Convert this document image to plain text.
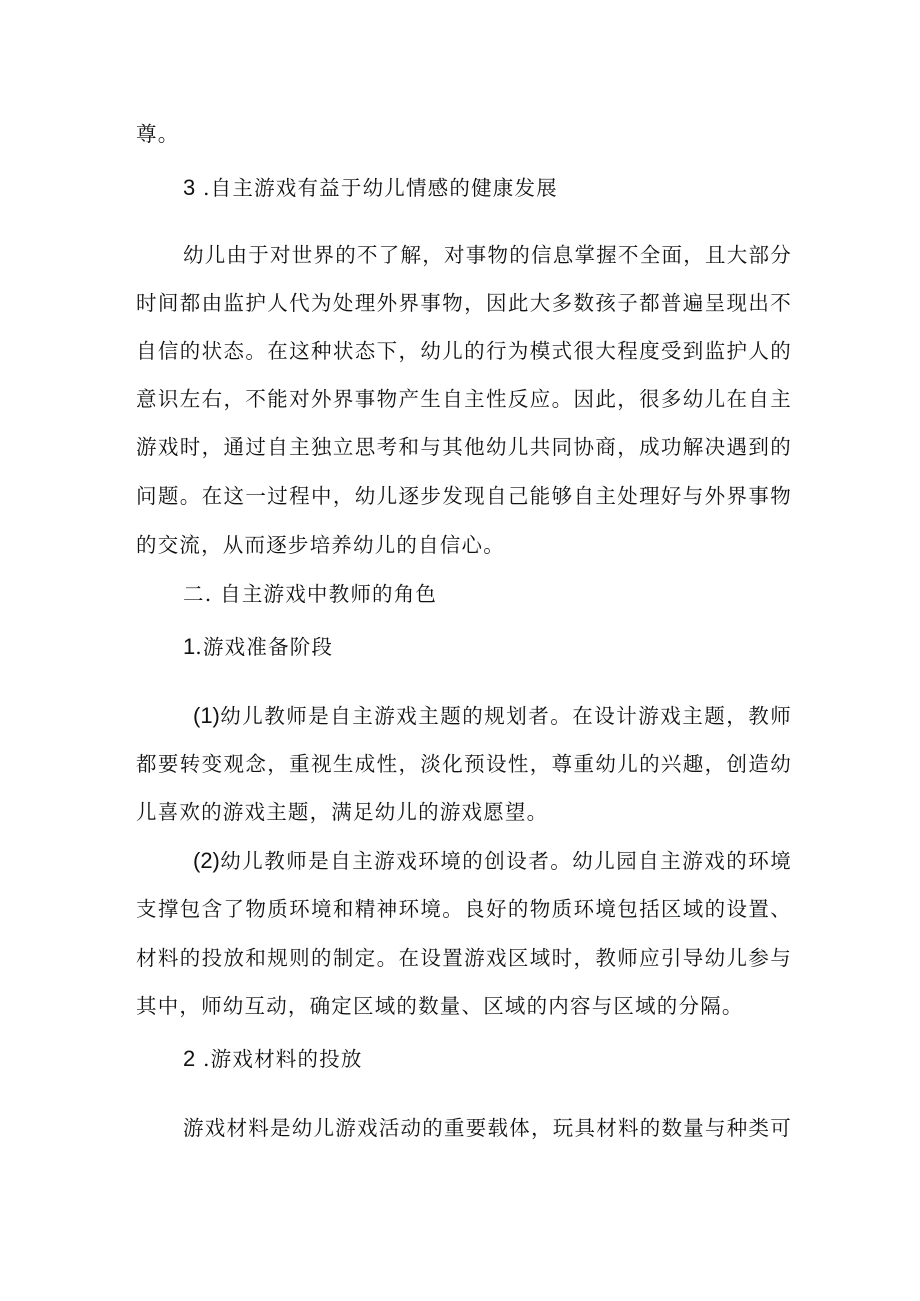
尊。
3 .自主游戏有益于幼儿情感的健康发展
幼儿由于对世界的不了解，对事物的信息掌握不全面，且大部分
时间都由监护人代为处理外界事物，因此大多数孩子都普遍呈现出不
自信的状态。在这种状态下，幼儿的行为模式很大程度受到监护人的
意识左右，不能对外界事物产生自主性反应。因此，很多幼儿在自主
游戏时，通过自主独立思考和与其他幼儿共同协商，成功解决遇到的
问题。在这一过程中，幼儿逐步发现自己能够自主处理好与外界事物
的交流，从而逐步培养幼儿的自信心。
二. 自主游戏中教师的角色
1.游戏准备阶段
(1)幼儿教师是自主游戏主题的规划者。在设计游戏主题，教师
都要转变观念，重视生成性，淡化预设性，尊重幼儿的兴趣，创造幼
儿喜欢的游戏主题，满足幼儿的游戏愿望。
(2)幼儿教师是自主游戏环境的创设者。幼儿园自主游戏的环境
支撑包含了物质环境和精神环境。良好的物质环境包括区域的设置、
材料的投放和规则的制定。在设置游戏区域时，教师应引导幼儿参与
其中，师幼互动，确定区域的数量、区域的内容与区域的分隔。
2 .游戏材料的投放
游戏材料是幼儿游戏活动的重要载体，玩具材料的数量与种类可
